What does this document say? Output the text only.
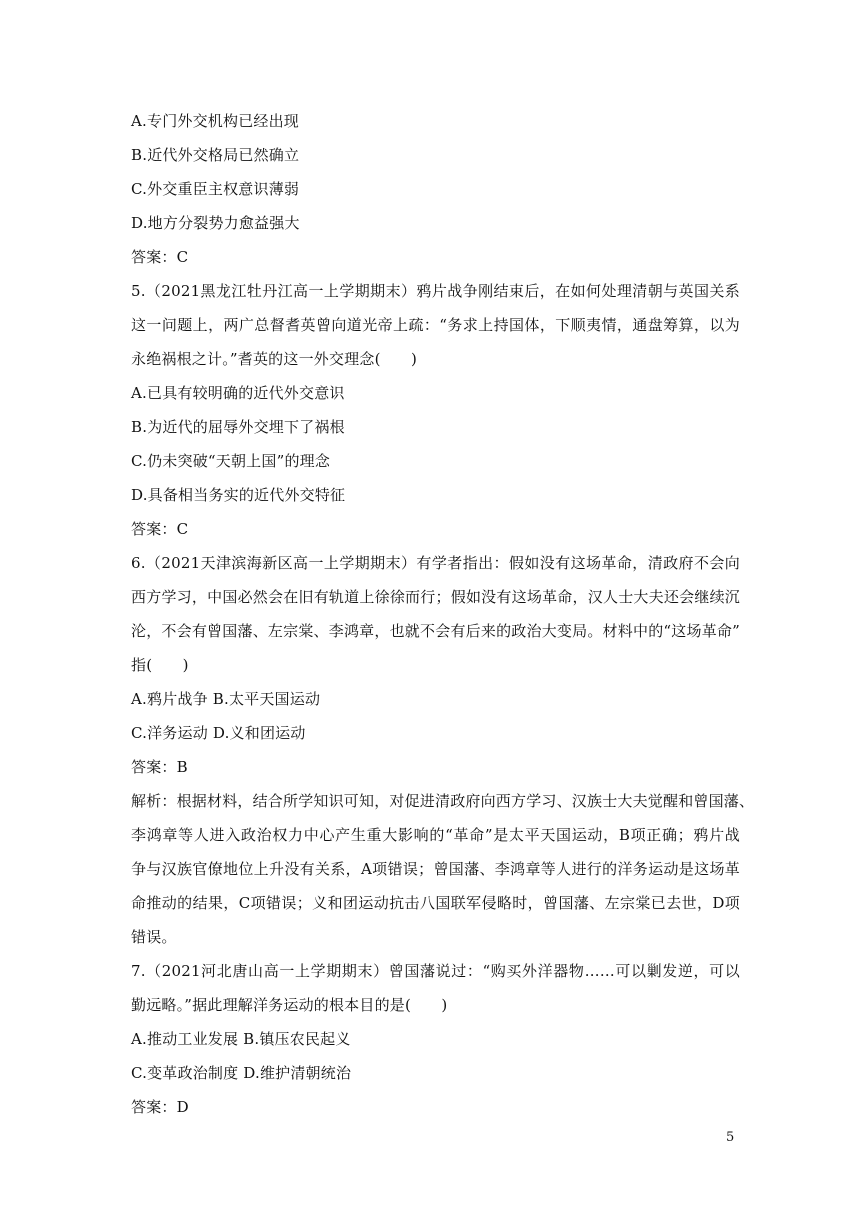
A.专门外交机构已经出现
B.近代外交格局已然确立
C.外交重臣主权意识薄弱
D.地方分裂势力愈益强大
答案：C
5.（2021黑龙江牡丹江高一上学期期末）鸦片战争刚结束后，在如何处理清朝与英国关系
这一问题上，两广总督耆英曾向道光帝上疏：“务求上持国体，下顺夷情，通盘筹算，以为
永绝祸根之计。”耆英的这一外交理念(　　)
A.已具有较明确的近代外交意识
B.为近代的屈辱外交埋下了祸根
C.仍未突破“天朝上国”的理念
D.具备相当务实的近代外交特征
答案：C
6.（2021天津滨海新区高一上学期期末）有学者指出：假如没有这场革命，清政府不会向
西方学习，中国必然会在旧有轨道上徐徐而行；假如没有这场革命，汉人士大夫还会继续沉
沦，不会有曾国藩、左宗棠、李鸿章，也就不会有后来的政治大变局。材料中的“这场革命”
指(　　)
A.鸦片战争 B.太平天国运动
C.洋务运动 D.义和团运动
答案：B
解析：根据材料，结合所学知识可知，对促进清政府向西方学习、汉族士大夫觉醒和曾国藩、
李鸿章等人进入政治权力中心产生重大影响的“革命”是太平天国运动，B项正确；鸦片战
争与汉族官僚地位上升没有关系，A项错误；曾国藩、李鸿章等人进行的洋务运动是这场革
命推动的结果，C项错误；义和团运动抗击八国联军侵略时，曾国藩、左宗棠已去世，D项
错误。
7.（2021河北唐山高一上学期期末）曾国藩说过：“购买外洋器物……可以剿发逆，可以
勤远略。”据此理解洋务运动的根本目的是(　　)
A.推动工业发展 B.镇压农民起义
C.变革政治制度 D.维护清朝统治
答案：D
5
